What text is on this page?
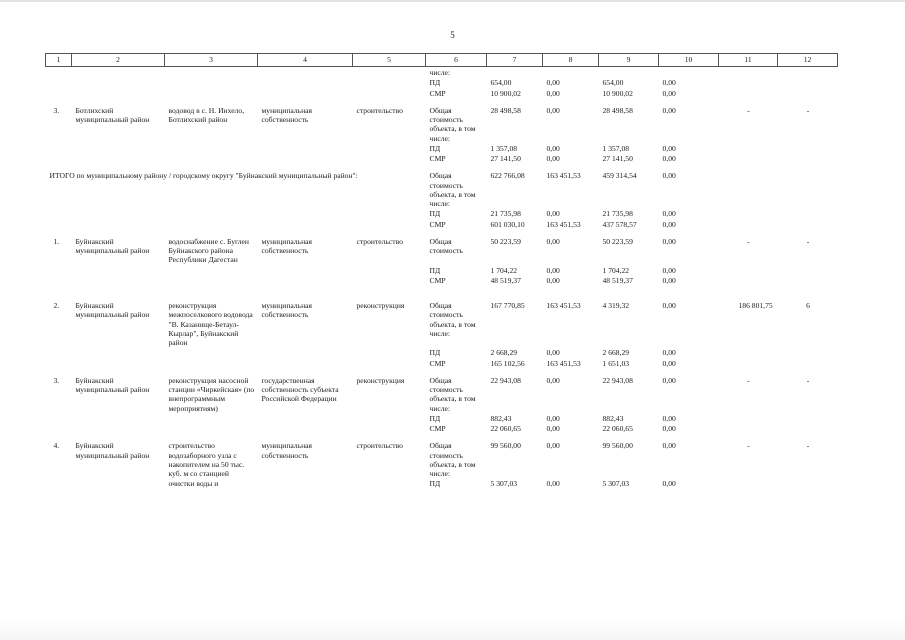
5
1	2	3	4	5	6	7	8	9	10	11	12
					числе:						
					ПД	654,00	0,00	654,00	0,00		
					СМР	10 900,02	0,00	10 900,02	0,00		

3.	Ботлихский муниципальный район	водовод в с. Н. Инхело, Ботлихский район	муниципальная собственность	строительство	Общая стоимость объекта, в том числе:	28 498,58	0,00	28 498,58	0,00	-	-
					ПД	1 357,08	0,00	1 357,08	0,00		
					СМР	27 141,50	0,00	27 141,50	0,00		

ИТОГО по муниципальному району / городскому округу "Буйнакский муниципальный район":					Общая стоимость объекта, в том числе:	622 766,08	163 451,53	459 314,54	0,00		
					ПД	21 735,98	0,00	21 735,98	0,00		
					СМР	601 030,10	163 451,53	437 578,57	0,00		

1.	Буйнакский муниципальный район	водоснабжение с. Буглен Буйнакского района Республики Дагестан	муниципальная собственность	строительство	Общая стоимость	50 223,59	0,00	50 223,59	0,00	-	-
					ПД	1 704,22	0,00	1 704,22	0,00		
					СМР	48 519,37	0,00	48 519,37	0,00		

2.	Буйнакский муниципальный район	реконструкция межпоселкового водовода "В. Казанище-Бетаул-Кырлар", Буйнакский район	муниципальная собственность	реконструкция	Общая стоимость объекта, в том числе:	167 770,85	163 451,53	4 319,32	0,00	186 801,75	6
					ПД	2 668,29	0,00	2 668,29	0,00		
					СМР	165 102,56	163 451,53	1 651,03	0,00		

3.	Буйнакский муниципальный район	реконструкция насосной станции «Чиркейская» (по внепрограммным мероприятиям)	государственная собственность субъекта Российской Федерации	реконструкция	Общая стоимость объекта, в том числе:	22 943,08	0,00	22 943,08	0,00	-	-
					ПД	882,43	0,00	882,43	0,00		
					СМР	22 060,65	0,00	22 060,65	0,00		

4.	Буйнакский муниципальный район	строительство водозаборного узла с накопителем на 50 тыс. куб. м со станцией	муниципальная собственность	строительство	Общая стоимость объекта, в том числе:	99 560,00	0,00	99 560,00	0,00	-	-
		очистки воды и			ПД	5 307,03	0,00	5 307,03	0,00		
